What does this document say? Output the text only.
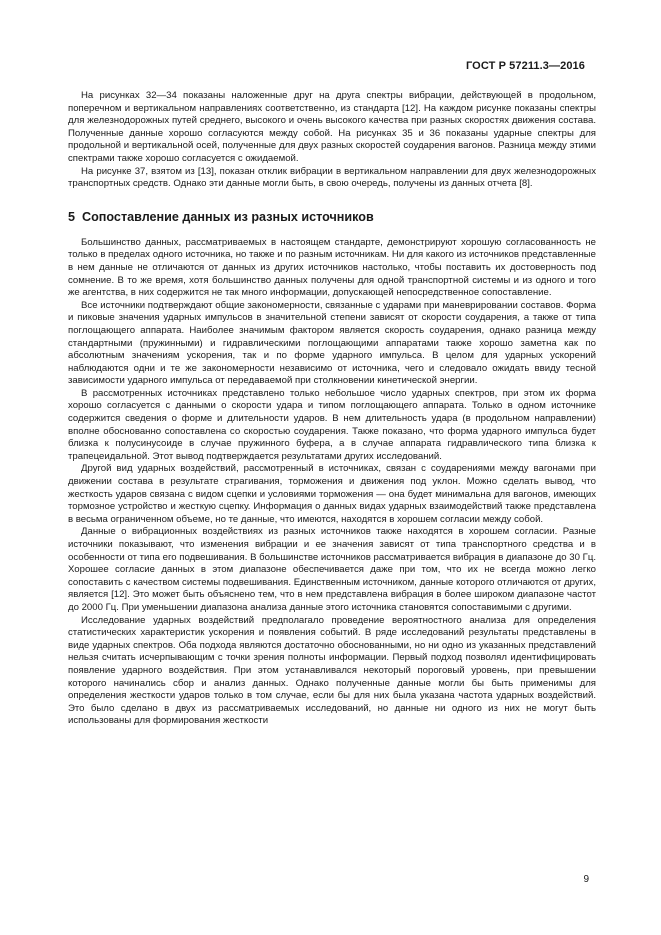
ГОСТ Р 57211.3—2016

На рисунках 32—34 показаны наложенные друг на друга спектры вибрации, действующей в продольном, поперечном и вертикальном направлениях соответственно, из стандарта [12]. На каждом рисунке показаны спектры для железнодорожных путей среднего, высокого и очень высокого качества при разных скоростях движения состава. Полученные данные хорошо согласуются между собой. На рисунках 35 и 36 показаны ударные спектры для продольной и вертикальной осей, полученные для двух разных скоростей соударения вагонов. Разница между этими спектрами также хорошо согласуется с ожидаемой.

На рисунке 37, взятом из [13], показан отклик вибрации в вертикальном направлении для двух железнодорожных транспортных средств. Однако эти данные могли быть, в свою очередь, получены из данных отчета [8].

5 Сопоставление данных из разных источников

Большинство данных, рассматриваемых в настоящем стандарте, демонстрируют хорошую согласованность не только в пределах одного источника, но также и по разным источникам. Ни для какого из источников представленные в нем данные не отличаются от данных из других источников настолько, чтобы поставить их достоверность под сомнение. В то же время, хотя большинство данных получены для одной транспортной системы и из одного и того же агентства, в них содержится не так много информации, допускающей непосредственное сопоставление.

Все источники подтверждают общие закономерности, связанные с ударами при маневрировании составов. Форма и пиковые значения ударных импульсов в значительной степени зависят от скорости соударения, а также от типа поглощающего аппарата. Наиболее значимым фактором является скорость соударения, однако разница между стандартными (пружинными) и гидравлическими поглощающими аппаратами также хорошо заметна как по абсолютным значениям ускорения, так и по форме ударного импульса. В целом для ударных ускорений наблюдаются одни и те же закономерности независимо от источника, чего и следовало ожидать ввиду тесной зависимости ударного импульса от передаваемой при столкновении кинетической энергии.

В рассмотренных источниках представлено только небольшое число ударных спектров, при этом их форма хорошо согласуется с данными о скорости удара и типом поглощающего аппарата. Только в одном источнике содержится сведения о форме и длительности ударов. В нем длительность удара (в продольном направлении) вполне обоснованно сопоставлена со скоростью соударения. Также показано, что форма ударного импульса будет близка к полусинусоиде в случае пружинного буфера, а в случае аппарата гидравлического типа близка к трапецеидальной. Этот вывод подтверждается результатами других исследований.

Другой вид ударных воздействий, рассмотренный в источниках, связан с соударениями между вагонами при движении состава в результате страгивания, торможения и движения под уклон. Можно сделать вывод, что жесткость ударов связана с видом сцепки и условиями торможения — она будет минимальна для вагонов, имеющих тормозное устройство и жесткую сцепку. Информация о данных видах ударных взаимодействий также представлена в весьма ограниченном объеме, но те данные, что имеются, находятся в хорошем согласии между собой.

Данные о вибрационных воздействиях из разных источников также находятся в хорошем согласии. Разные источники показывают, что изменения вибрации и ее значения зависят от типа транспортного средства и в особенности от типа его подвешивания. В большинстве источников рассматривается вибрация в диапазоне до 30 Гц. Хорошее согласие данных в этом диапазоне обеспечивается даже при том, что их не всегда можно легко сопоставить с качеством системы подвешивания. Единственным источником, данные которого отличаются от других, является [12]. Это может быть объяснено тем, что в нем представлена вибрация в более широком диапазоне частот до 2000 Гц. При уменьшении диапазона анализа данные этого источника становятся сопоставимыми с другими.

Исследование ударных воздействий предполагало проведение вероятностного анализа для определения статистических характеристик ускорения и появления событий. В ряде исследований результаты представлены в виде ударных спектров. Оба подхода являются достаточно обоснованными, но ни одно из указанных представлений нельзя считать исчерпывающим с точки зрения полноты информации. Первый подход позволял идентифицировать появление ударного воздействия. При этом устанавливался некоторый пороговый уровень, при превышении которого начинались сбор и анализ данных. Однако полученные данные могли бы быть применимы для определения жесткости ударов только в том случае, если бы для них была указана частота ударных воздействий. Это было сделано в двух из рассматриваемых исследований, но данные ни одного из них не могут быть использованы для формирования жесткости

9
